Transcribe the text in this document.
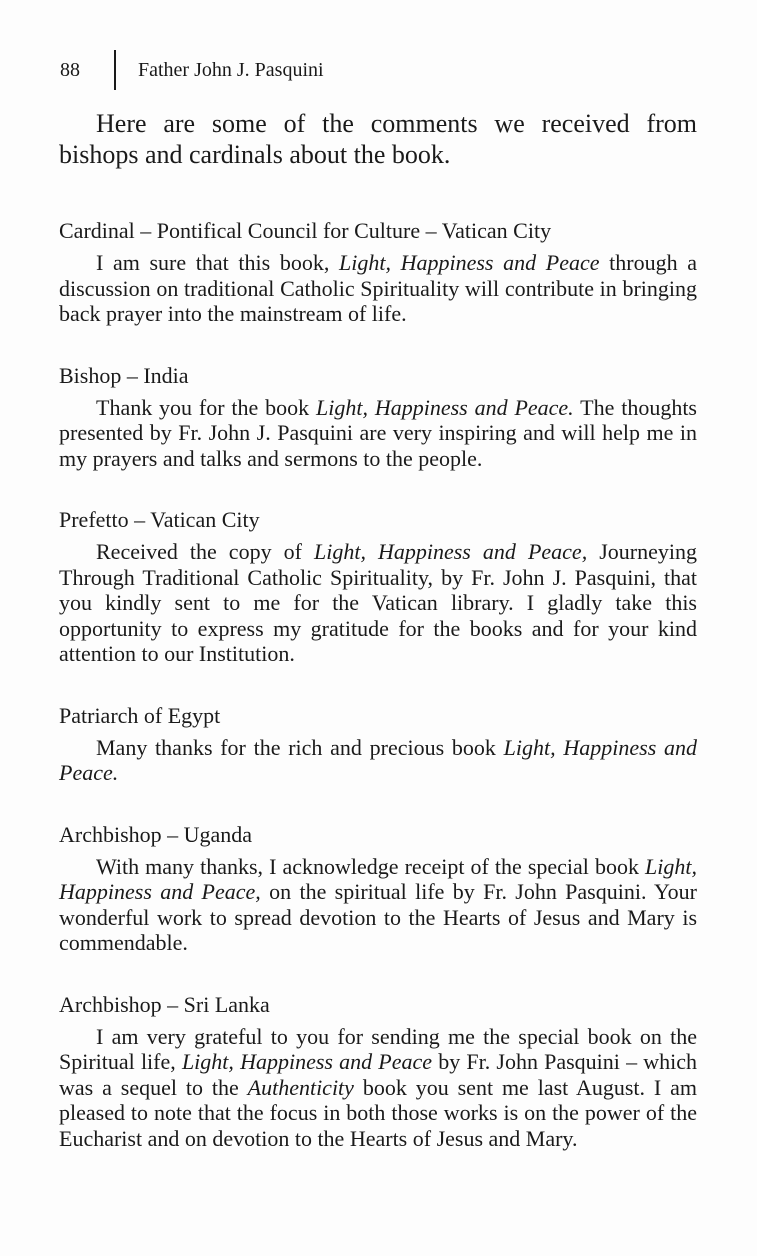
88	Father John J. Pasquini

Here are some of the comments we received from bishops and cardinals about the book.

Cardinal – Pontifical Council for Culture – Vatican City

I am sure that this book, Light, Happiness and Peace through a discussion on traditional Catholic Spirituality will contribute in bringing back prayer into the mainstream of life.

Bishop – India

Thank you for the book Light, Happiness and Peace. The thoughts presented by Fr. John J. Pasquini are very inspiring and will help me in my prayers and talks and sermons to the people.

Prefetto – Vatican City

Received the copy of Light, Happiness and Peace, Journeying Through Traditional Catholic Spirituality, by Fr. John J. Pasquini, that you kindly sent to me for the Vatican library. I gladly take this opportunity to express my gratitude for the books and for your kind attention to our Institution.

Patriarch of Egypt

Many thanks for the rich and precious book Light, Happiness and Peace.

Archbishop – Uganda

With many thanks, I acknowledge receipt of the special book Light, Happiness and Peace, on the spiritual life by Fr. John Pasquini. Your wonderful work to spread devotion to the Hearts of Jesus and Mary is commendable.

Archbishop – Sri Lanka

I am very grateful to you for sending me the special book on the Spiritual life, Light, Happiness and Peace by Fr. John Pasquini – which was a sequel to the Authenticity book you sent me last August. I am pleased to note that the focus in both those works is on the power of the Eucharist and on devotion to the Hearts of Jesus and Mary.
